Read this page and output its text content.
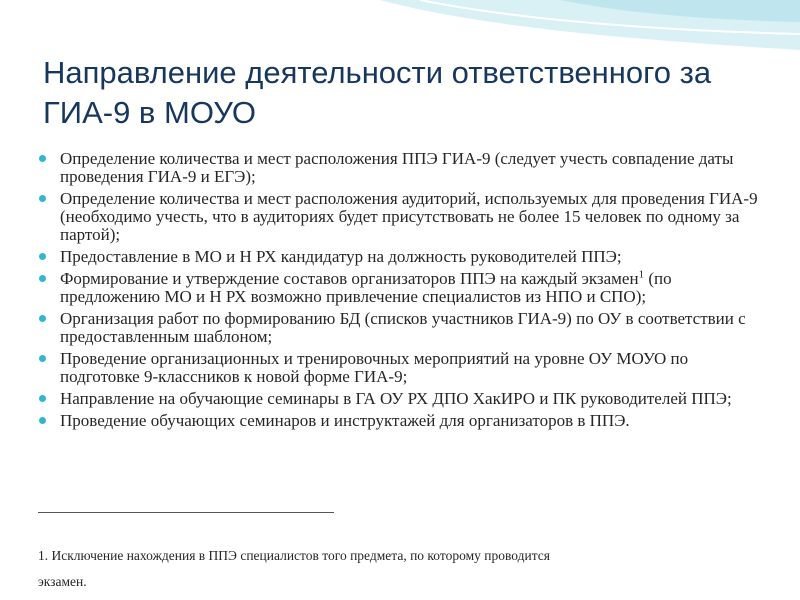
Направление деятельности ответственного за
ГИА-9 в МОУО
Определение количества и мест расположения ППЭ ГИА-9 (следует учесть совпадение даты проведения ГИА-9 и ЕГЭ);
Определение количества и мест расположения аудиторий, используемых для проведения ГИА-9 (необходимо учесть, что в аудиториях будет присутствовать не более 15 человек по одному за партой);
Предоставление в МО и Н РХ кандидатур на должность руководителей ППЭ;
Формирование и утверждение составов организаторов ППЭ на каждый экзамен$^1$ (по предложению МО и Н РХ возможно привлечение специалистов из НПО и СПО);
Организация работ по формированию БД (списков участников ГИА-9) по ОУ в соответствии с предоставленным шаблоном;
Проведение организационных и тренировочных мероприятий на уровне ОУ МОУО по подготовке 9-классников к новой форме ГИА-9;
Направление на обучающие семинары в ГА ОУ РХ ДПО ХакИРО и ПК руководителей ППЭ;
Проведение обучающих семинаров и инструктажей для организаторов в ППЭ.
1. Исключение нахождения в ППЭ специалистов того предмета, по которому проводится
экзамен.
